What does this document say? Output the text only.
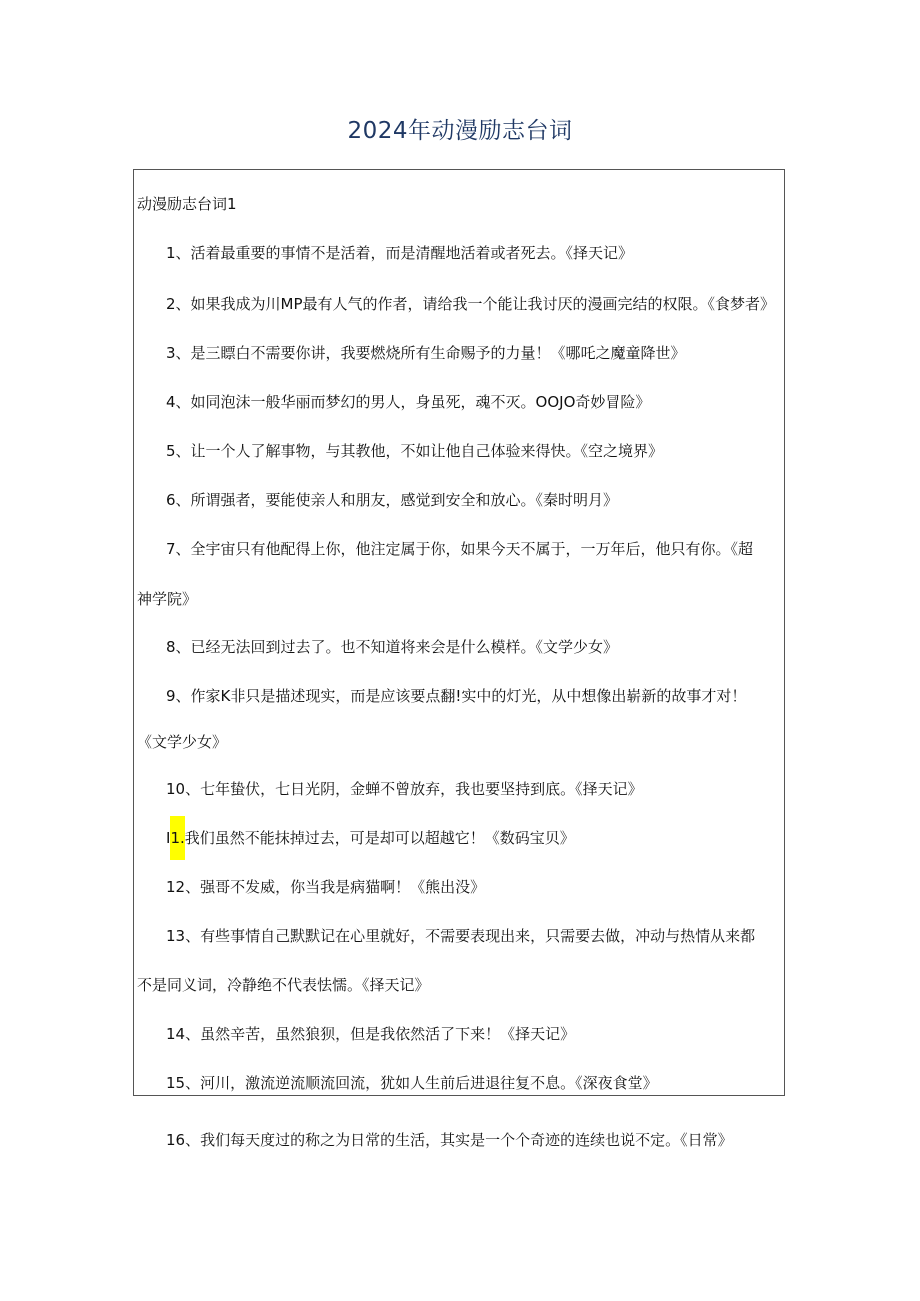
2024年动漫励志台词
动漫励志台词1
1、活着最重要的事情不是活着，而是清醒地活着或者死去。《择天记》
2、如果我成为川MP最有人气的作者，请给我一个能让我讨厌的漫画完结的权限。《食梦者》
3、是三瞟白不需要你讲，我要燃烧所有生命赐予的力量！《哪吒之魔童降世》
4、如同泡沫一般华丽而梦幻的男人，身虽死，魂不灭。OOJO奇妙冒险》
5、让一个人了解事物，与其教他，不如让他自己体验来得快。《空之境界》
6、所谓强者，要能使亲人和朋友，感觉到安全和放心。《秦时明月》
7、全宇宙只有他配得上你，他注定属于你，如果今天不属于，一万年后，他只有你。《超
神学院》
8、已经无法回到过去了。也不知道将来会是什么模样。《文学少女》
9、作家K非只是描述现实，而是应该要点翻!实中的灯光，从中想像出崭新的故事才对！
《文学少女》
10、七年蛰伏，七日光阴，金蝉不曾放弃，我也要坚持到底。《择天记》
I1.我们虽然不能抹掉过去，可是却可以超越它！《数码宝贝》
12、强哥不发威，你当我是病猫啊！《熊出没》
13、有些事情自己默默记在心里就好，不需要表现出来，只需要去做，冲动与热情从来都
不是同义词，冷静绝不代表怯懦。《择天记》
14、虽然辛苦，虽然狼狈，但是我依然活了下来！《择天记》
15、河川，激流逆流顺流回流，犹如人生前后进退往复不息。《深夜食堂》
16、我们每天度过的称之为日常的生活，其实是一个个奇迹的连续也说不定。《日常》
